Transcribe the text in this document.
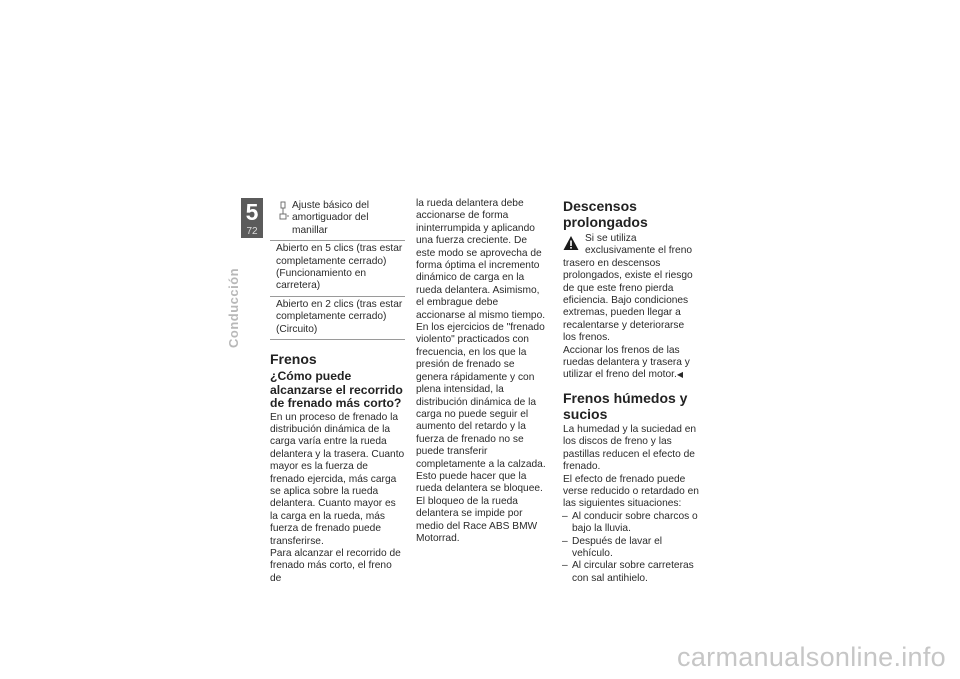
5
72
Conducción
Ajuste básico del amortiguador del manillar
Abierto en 5 clics (tras estar completamente cerrado) (Funcionamiento en carretera)
Abierto en 2 clics (tras estar completamente cerrado) (Circuito)

Frenos

¿Cómo puede alcanzarse el recorrido de frenado más corto?

En un proceso de frenado la distribución dinámica de la carga varía entre la rueda delantera y la trasera. Cuanto mayor es la fuerza de frenado ejercida, más carga se aplica sobre la rueda delantera. Cuanto mayor es la carga en la rueda, más fuerza de frenado puede transferirse.

Para alcanzar el recorrido de frenado más corto, el freno de

la rueda delantera debe accionarse de forma ininterrumpida y aplicando una fuerza creciente. De este modo se aprovecha de forma óptima el incremento dinámico de carga en la rueda delantera. Asimismo, el embrague debe accionarse al mismo tiempo. En los ejercicios de "frenado violento" practicados con frecuencia, en los que la presión de frenado se genera rápidamente y con plena intensidad, la distribución dinámica de la carga no puede seguir el aumento del retardo y la fuerza de frenado no se puede transferir completamente a la calzada. Esto puede hacer que la rueda delantera se bloquee.

El bloqueo de la rueda delantera se impide por medio del Race ABS BMW Motorrad.

Descensos prolongados

Si se utiliza exclusivamente el freno trasero en descensos prolongados, existe el riesgo de que este freno pierda eficiencia. Bajo condiciones extremas, pueden llegar a recalentarse y deteriorarse los frenos.

Accionar los frenos de las ruedas delantera y trasera y utilizar el freno del motor.◀

Frenos húmedos y sucios

La humedad y la suciedad en los discos de freno y las pastillas reducen el efecto de frenado.

El efecto de frenado puede verse reducido o retardado en las siguientes situaciones:

– Al conducir sobre charcos o bajo la lluvia.
– Después de lavar el vehículo.
– Al circular sobre carreteras con sal antihielo.
carmanualsonline.info
